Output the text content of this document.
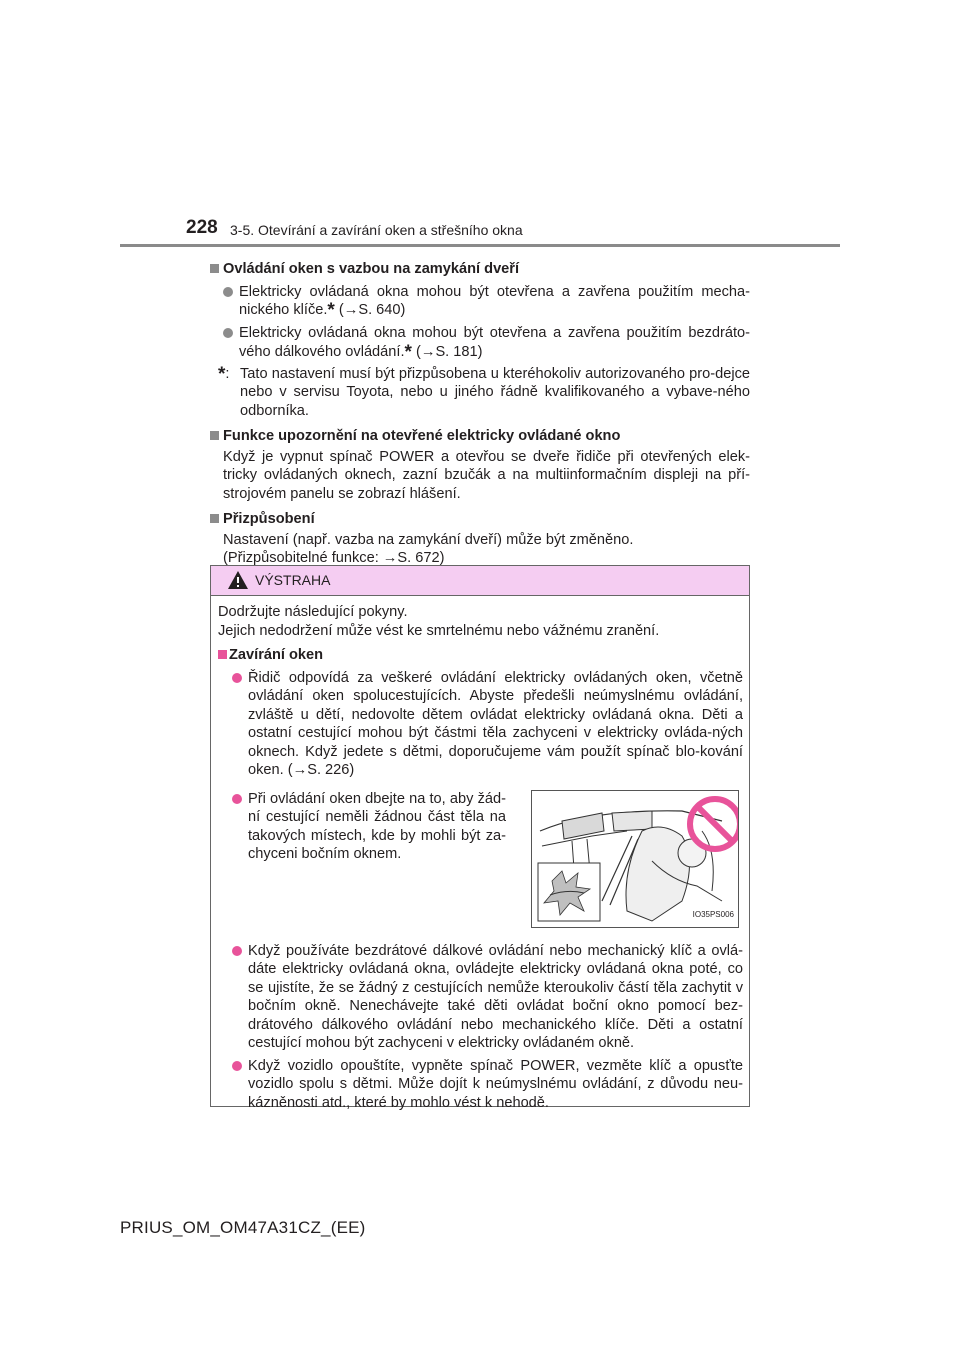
228 3-5. Otevírání a zavírání oken a střešního okna
Ovládání oken s vazbou na zamykání dveří
Elektricky ovládaná okna mohou být otevřena a zavřena použitím mecha-nického klíče.* (→S. 640)
Elektricky ovládaná okna mohou být otevřena a zavřena použitím bezdráto-vého dálkového ovládání.* (→S. 181)
*: Tato nastavení musí být přizpůsobena u kteréhokoliv autorizovaného pro-dejce nebo v servisu Toyota, nebo u jiného řádně kvalifikovaného a vybave-ného odborníka.
Funkce upozornění na otevřené elektricky ovládané okno
Když je vypnut spínač POWER a otevřou se dveře řidiče při otevřených elek-tricky ovládaných oknech, zazní bzučák a na multiinformačním displeji na pří-strojovém panelu se zobrazí hlášení.
Přizpůsobení
Nastavení (např. vazba na zamykání dveří) může být změněno.
(Přizpůsobitelné funkce: →S. 672)
VÝSTRAHA
Dodržujte následující pokyny.
Jejich nedodržení může vést ke smrtelnému nebo vážnému zranění.
Zavírání oken
Řidič odpovídá za veškeré ovládání elektricky ovládaných oken, včetně ovládání oken spolucestujících. Abyste předešli neúmyslnému ovládání, zvláště u dětí, nedovolte dětem ovládat elektricky ovládaná okna. Děti a ostatní cestující mohou být částmi těla zachyceni v elektricky ovláda-ných oknech. Když jedete s dětmi, doporučujeme vám použít spínač blo-kování oken. (→S. 226)
Při ovládání oken dbejte na to, aby žád-ní cestující neměli žádnou část těla na takových místech, kde by mohli být za-chyceni bočním oknem.
IO35PS006
Když používáte bezdrátové dálkové ovládání nebo mechanický klíč a ovlá-dáte elektricky ovládaná okna, ovládejte elektricky ovládaná okna poté, co se ujistíte, že se žádný z cestujících nemůže kteroukoliv částí těla zachytit v bočním okně. Nenechávejte také děti ovládat boční okno pomocí bez-drátového dálkového ovládání nebo mechanického klíče. Děti a ostatní cestující mohou být zachyceni v elektricky ovládaném okně.
Když vozidlo opouštíte, vypněte spínač POWER, vezměte klíč a opusťte vozidlo spolu s dětmi. Může dojít k neúmyslnému ovládání, z důvodu neu-kázněnosti atd., které by mohlo vést k nehodě.
PRIUS_OM_OM47A31CZ_(EE)
